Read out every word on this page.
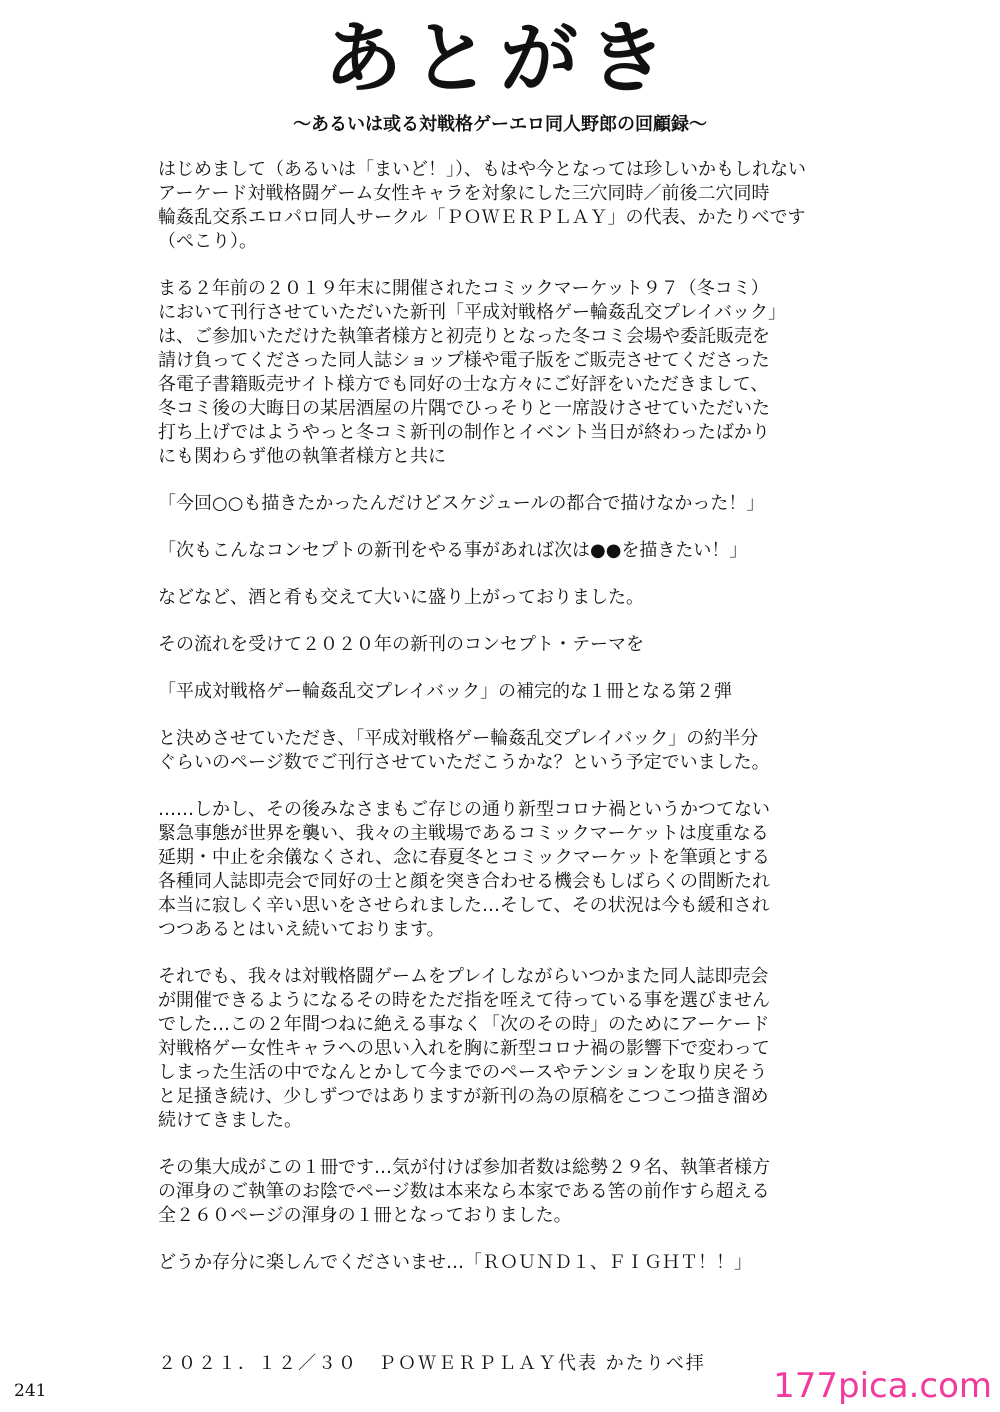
あとがき
～あるいは或る対戦格ゲーエロ同人野郎の回顧録～
はじめまして（あるいは「まいど！」）、もはや今となっては珍しいかもしれない
アーケード対戦格闘ゲーム女性キャラを対象にした三穴同時／前後二穴同時
輪姦乱交系エロパロ同人サークル「ＰＯＷＥＲＰＬＡＹ」の代表、かたりべです
（ぺこり）。
まる２年前の２０１９年末に開催されたコミックマーケット９７（冬コミ）
において刊行させていただいた新刊「平成対戦格ゲー輪姦乱交プレイバック」
は、ご参加いただけた執筆者様方と初売りとなった冬コミ会場や委託販売を
請け負ってくださった同人誌ショップ様や電子版をご販売させてくださった
各電子書籍販売サイト様方でも同好の士な方々にご好評をいただきまして、
冬コミ後の大晦日の某居酒屋の片隅でひっそりと一席設けさせていただいた
打ち上げではようやっと冬コミ新刊の制作とイベント当日が終わったばかり
にも関わらず他の執筆者様方と共に
「今回○○も描きたかったんだけどスケジュールの都合で描けなかった！」
「次もこんなコンセプトの新刊をやる事があれば次は●●を描きたい！」
などなど、酒と肴も交えて大いに盛り上がっておりました。
その流れを受けて２０２０年の新刊のコンセプト・テーマを
「平成対戦格ゲー輪姦乱交プレイバック」の補完的な１冊となる第２弾
と決めさせていただき、「平成対戦格ゲー輪姦乱交プレイバック」の約半分
ぐらいのページ数でご刊行させていただこうかな？という予定でいました。
……しかし、その後みなさまもご存じの通り新型コロナ禍というかつてない
緊急事態が世界を襲い、我々の主戦場であるコミックマーケットは度重なる
延期・中止を余儀なくされ、念に春夏冬とコミックマーケットを筆頭とする
各種同人誌即売会で同好の士と顔を突き合わせる機会もしばらくの間断たれ
本当に寂しく辛い思いをさせられました…そして、その状況は今も緩和され
つつあるとはいえ続いております。
それでも、我々は対戦格闘ゲームをプレイしながらいつかまた同人誌即売会
が開催できるようになるその時をただ指を咥えて待っている事を選びません
でした…この２年間つねに絶える事なく「次のその時」のためにアーケード
対戦格ゲー女性キャラへの思い入れを胸に新型コロナ禍の影響下で変わって
しまった生活の中でなんとかして今までのペースやテンションを取り戻そう
と足掻き続け、少しずつではありますが新刊の為の原稿をこつこつ描き溜め
続けてきました。
その集大成がこの１冊です…気が付けば参加者数は総勢２９名、執筆者様方
の渾身のご執筆のお陰でページ数は本来なら本家である筈の前作すら超える
全２６０ページの渾身の１冊となっておりました。
どうか存分に楽しんでくださいませ…「ＲＯＵＮＤ１、ＦＩＧＨＴ！！」
２０２１．１２／３０　ＰＯＷＥＲＰＬＡＹ代表 かたりべ拝
241	177pica.com
